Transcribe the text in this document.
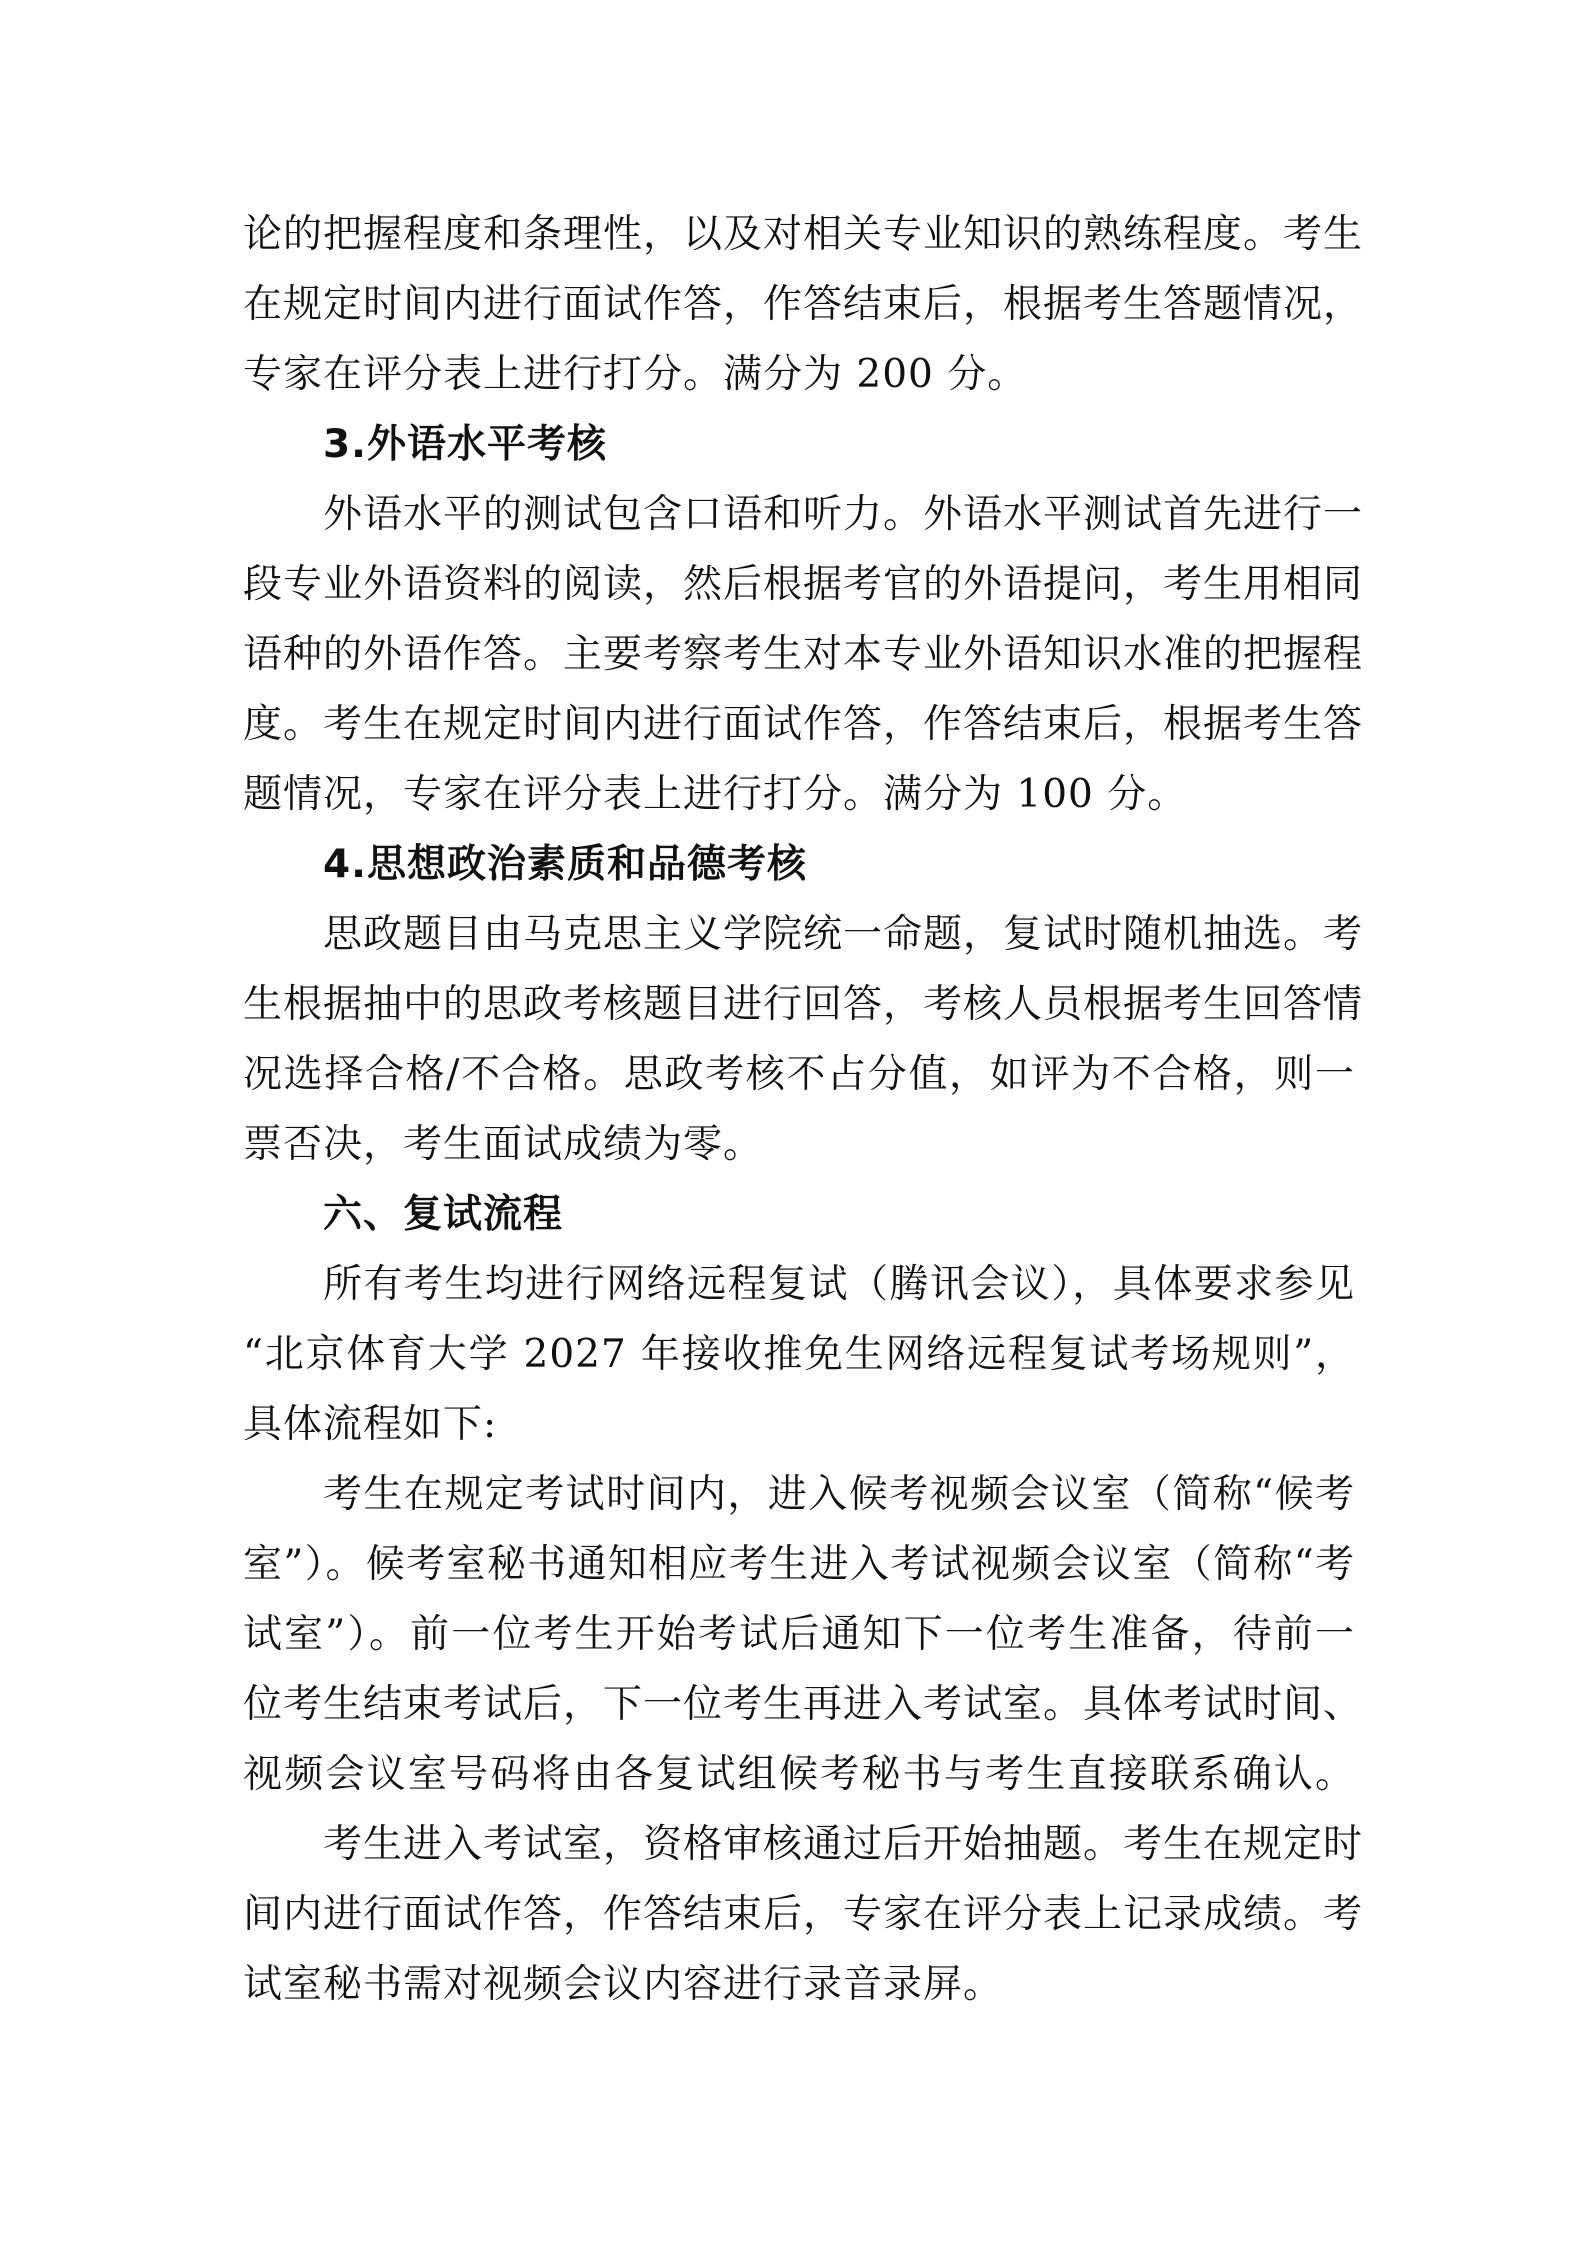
论的把握程度和条理性，以及对相关专业知识的熟练程度。考生
在规定时间内进行面试作答，作答结束后，根据考生答题情况，
专家在评分表上进行打分。满分为 200 分。
3.外语水平考核
外语水平的测试包含口语和听力。外语水平测试首先进行一
段专业外语资料的阅读，然后根据考官的外语提问，考生用相同
语种的外语作答。主要考察考生对本专业外语知识水准的把握程
度。考生在规定时间内进行面试作答，作答结束后，根据考生答
题情况，专家在评分表上进行打分。满分为 100 分。
4.思想政治素质和品德考核
思政题目由马克思主义学院统一命题，复试时随机抽选。考
生根据抽中的思政考核题目进行回答，考核人员根据考生回答情
况选择合格/不合格。思政考核不占分值，如评为不合格，则一
票否决，考生面试成绩为零。
六、复试流程
所有考生均进行网络远程复试（腾讯会议），具体要求参见
“北京体育大学 2027 年接收推免生网络远程复试考场规则”，
具体流程如下:
考生在规定考试时间内，进入候考视频会议室（简称“候考
室”）。候考室秘书通知相应考生进入考试视频会议室（简称“考
试室”）。前一位考生开始考试后通知下一位考生准备，待前一
位考生结束考试后，下一位考生再进入考试室。具体考试时间、
视频会议室号码将由各复试组候考秘书与考生直接联系确认。
考生进入考试室，资格审核通过后开始抽题。考生在规定时
间内进行面试作答，作答结束后，专家在评分表上记录成绩。考
试室秘书需对视频会议内容进行录音录屏。
